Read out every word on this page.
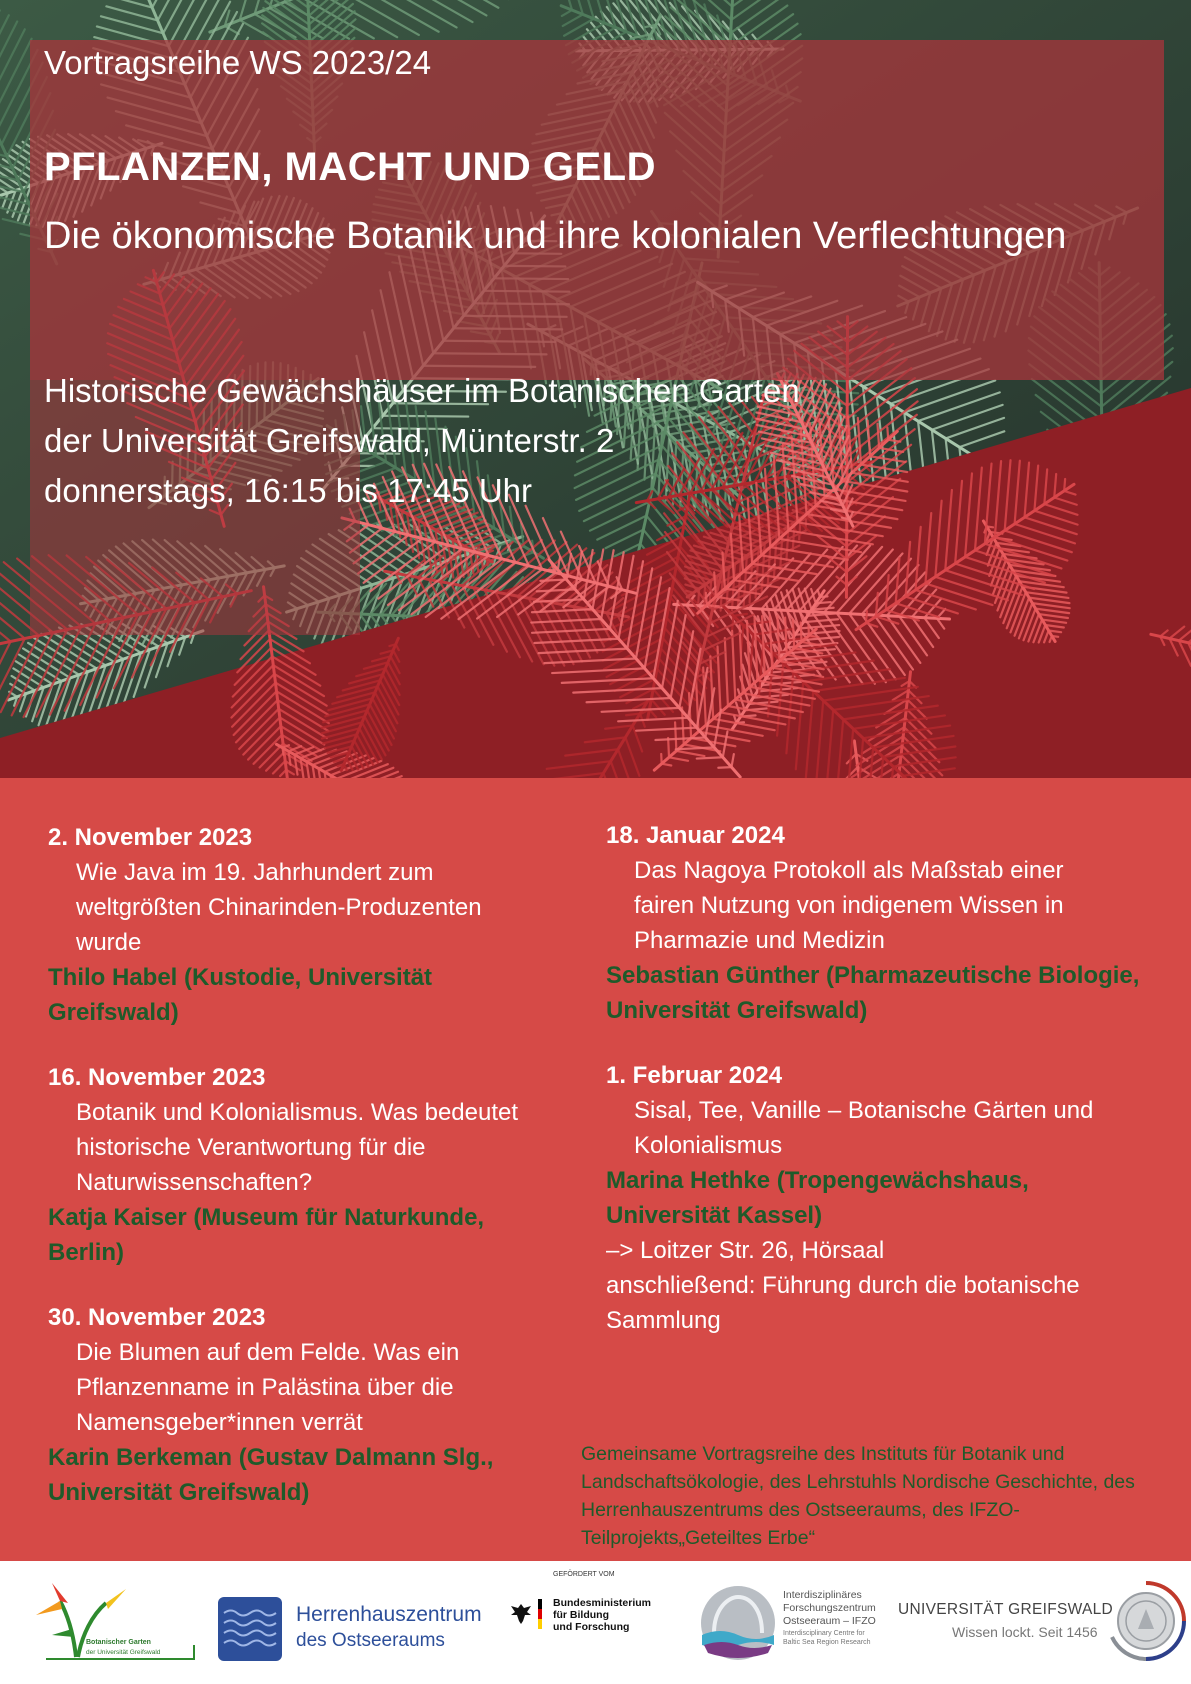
Vortragsreihe WS 2023/24
PFLANZEN, MACHT UND GELD
Die ökonomische Botanik und ihre kolonialen Verflechtungen
Historische Gewächshäuser im Botanischen Garten
der Universität Greifswald, Münterstr. 2
donnerstags, 16:15 bis 17:45 Uhr
2. November 2023
Wie Java im 19. Jahrhundert zum
weltgrößten Chinarinden-Produzenten
wurde
Thilo Habel (Kustodie, Universität
Greifswald)
16. November 2023
Botanik und Kolonialismus. Was bedeutet
historische Verantwortung für die
Naturwissenschaften?
Katja Kaiser (Museum für Naturkunde,
Berlin)
30. November 2023
Die Blumen auf dem Felde. Was ein
Pflanzenname in Palästina über die
Namensgeber*innen verrät
Karin Berkeman (Gustav Dalmann Slg.,
Universität Greifswald)
18. Januar 2024
Das Nagoya Protokoll als Maßstab einer
fairen Nutzung von indigenem Wissen in
Pharmazie und Medizin
Sebastian Günther (Pharmazeutische Biologie,
Universität Greifswald)
1. Februar 2024
Sisal, Tee, Vanille – Botanische Gärten und
Kolonialismus
Marina Hethke (Tropengewächshaus,
Universität Kassel)
–> Loitzer Str. 26, Hörsaal
anschließend: Führung durch die botanische
Sammlung
Gemeinsame Vortragsreihe des Instituts für Botanik und
Landschaftsökologie, des Lehrstuhls Nordische Geschichte, des
Herrenhauszentrums des Ostseeraums, des IFZO-
Teilprojekts„Geteiltes Erbe“
Botanischer Garten
der Universität Greifswald
Herrenhauszentrum
des Ostseeraums
GEFÖRDERT VOM
Bundesministerium
für Bildung
und Forschung
Interdisziplinäres
Forschungszentrum
Ostseeraum – IFZO
Interdisciplinary Centre for
Baltic Sea Region Research
UNIVERSITÄT GREIFSWALD
Wissen lockt. Seit 1456
